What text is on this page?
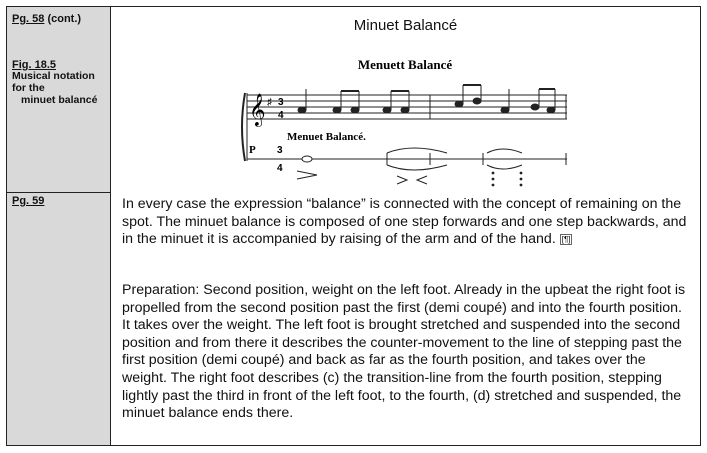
Pg. 58 (cont.)
Fig. 18.5
Musical notation
for the
minuet balancé
Pg. 59
Minuet Balancé
Menuett Balancé
𝄞 ♯ 3
4
Menuet Balancé.
P 3
4

In every case the expression “balance” is connected with the concept of remaining on the spot. The minuet balance is composed of one step forwards and one step backwards, and in the minuet it is accompanied by raising of the arm and of the hand. [¶]

Preparation: Second position, weight on the left foot. Already in the upbeat the right foot is propelled from the second position past the first (demi coupé) and into the fourth position. It takes over the weight. The left foot is brought stretched and suspended into the second position and from there it describes the counter-movement to the line of stepping past the first position (demi coupé) and back as far as the fourth position, and takes over the weight. The right foot describes (c) the transition-line from the fourth position, stepping lightly past the third in front of the left foot, to the fourth, (d) stretched and suspended, the minuet balance ends there.
